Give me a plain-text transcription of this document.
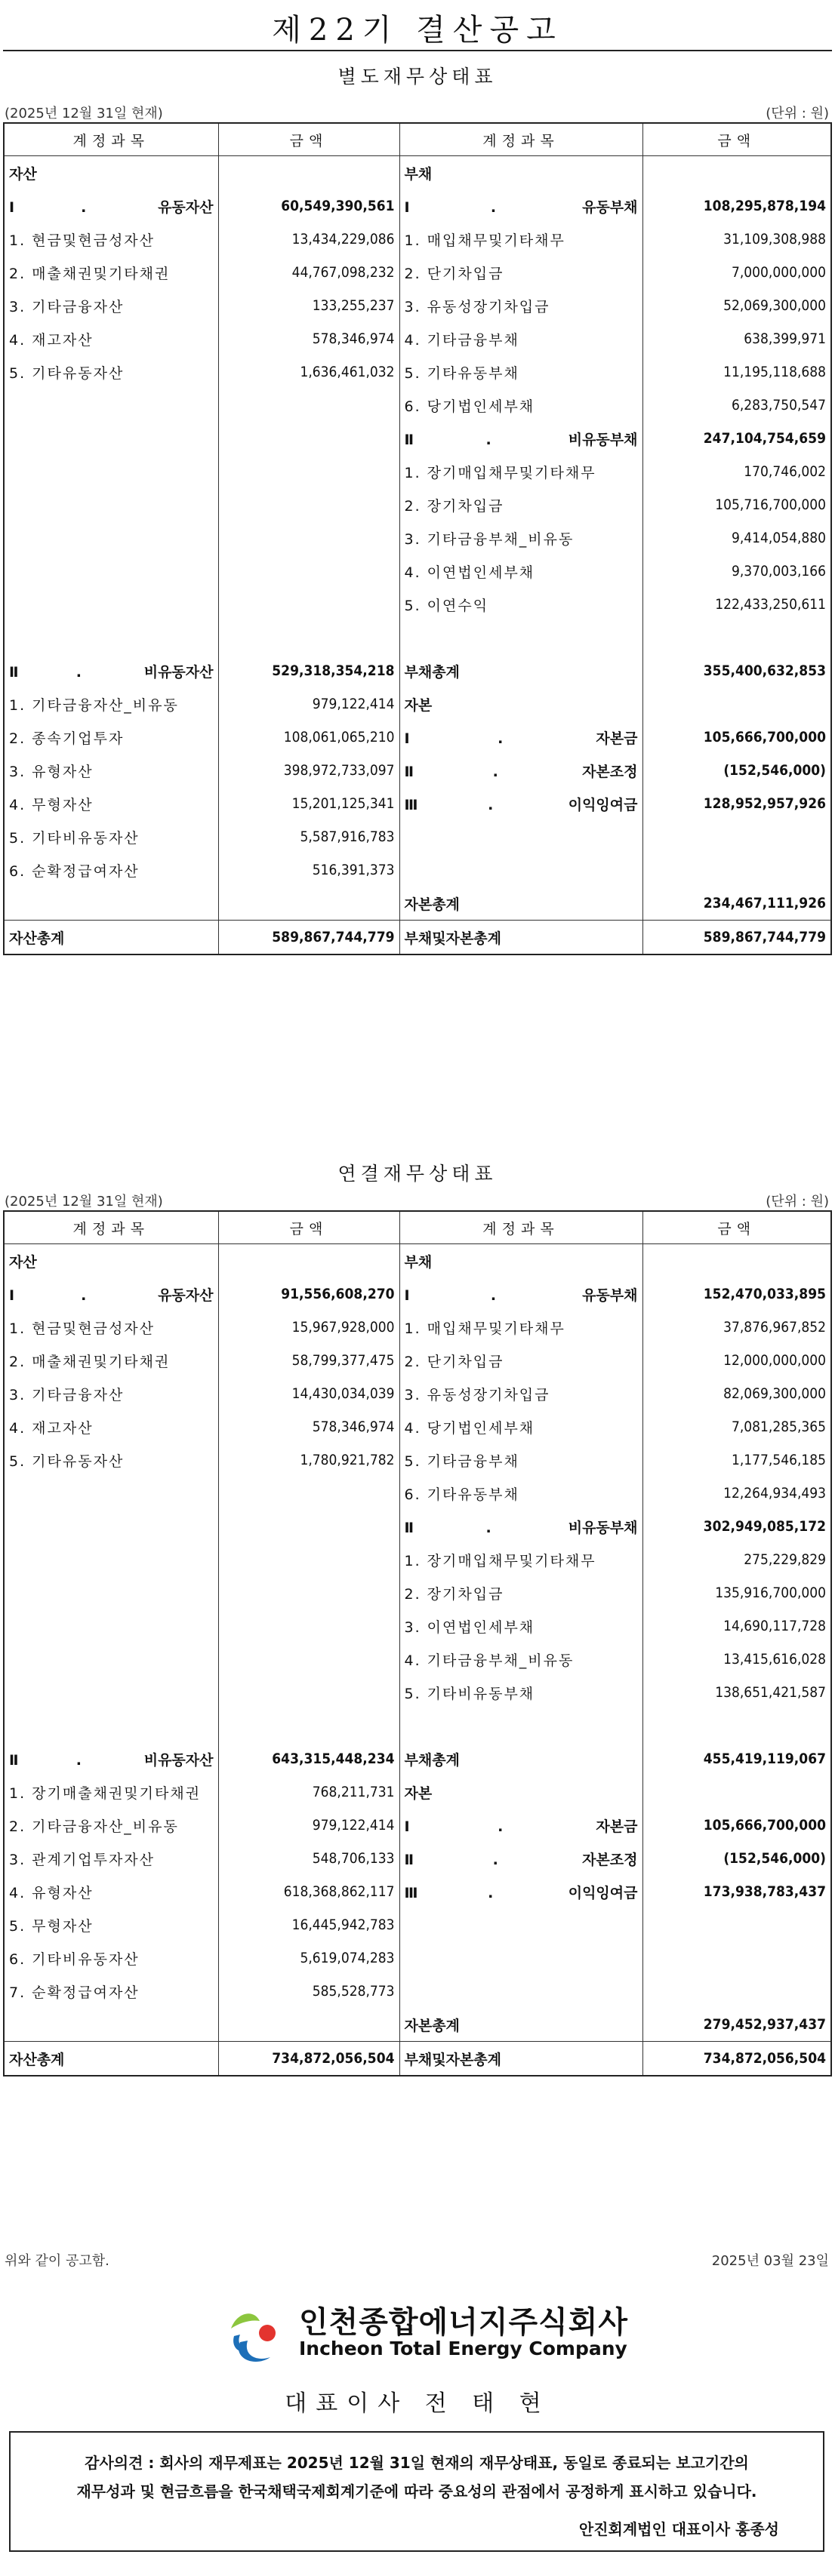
제22기 결산공고
별도재무상태표
(2025년 12월 31일 현재)	(단위 : 원)
계정과목	금액	계정과목	금액
자산		부채	
Ⅰ. 유동자산	60,549,390,561	Ⅰ. 유동부채	108,295,878,194
1. 현금및현금성자산	13,434,229,086	1. 매입채무및기타채무	31,109,308,988
2. 매출채권및기타채권	44,767,098,232	2. 단기차입금	7,000,000,000
3. 기타금융자산	133,255,237	3. 유동성장기차입금	52,069,300,000
4. 재고자산	578,346,974	4. 기타금융부채	638,399,971
5. 기타유동자산	1,636,461,032	5. 기타유동부채	11,195,118,688
		6. 당기법인세부채	6,283,750,547
		Ⅱ. 비유동부채	247,104,754,659
		1. 장기매입채무및기타채무	170,746,002
		2. 장기차입금	105,716,700,000
		3. 기타금융부채_비유동	9,414,054,880
		4. 이연법인세부채	9,370,003,166
		5. 이연수익	122,433,250,611

Ⅱ. 비유동자산	529,318,354,218	부채총계	355,400,632,853
1. 기타금융자산_비유동	979,122,414	자본	
2. 종속기업투자	108,061,065,210	Ⅰ. 자본금	105,666,700,000
3. 유형자산	398,972,733,097	Ⅱ. 자본조정	(152,546,000)
4. 무형자산	15,201,125,341	Ⅲ. 이익잉여금	128,952,957,926
5. 기타비유동자산	5,587,916,783		
6. 순확정급여자산	516,391,373		
		자본총계	234,467,111,926
자산총계	589,867,744,779	부채및자본총계	589,867,744,779
연결재무상태표
(2025년 12월 31일 현재)	(단위 : 원)
계정과목	금액	계정과목	금액
자산		부채	
Ⅰ. 유동자산	91,556,608,270	Ⅰ. 유동부채	152,470,033,895
1. 현금및현금성자산	15,967,928,000	1. 매입채무및기타채무	37,876,967,852
2. 매출채권및기타채권	58,799,377,475	2. 단기차입금	12,000,000,000
3. 기타금융자산	14,430,034,039	3. 유동성장기차입금	82,069,300,000
4. 재고자산	578,346,974	4. 당기법인세부채	7,081,285,365
5. 기타유동자산	1,780,921,782	5. 기타금융부채	1,177,546,185
		6. 기타유동부채	12,264,934,493
		Ⅱ. 비유동부채	302,949,085,172
		1. 장기매입채무및기타채무	275,229,829
		2. 장기차입금	135,916,700,000
		3. 이연법인세부채	14,690,117,728
		4. 기타금융부채_비유동	13,415,616,028
		5. 기타비유동부채	138,651,421,587

Ⅱ. 비유동자산	643,315,448,234	부채총계	455,419,119,067
1. 장기매출채권및기타채권	768,211,731	자본	
2. 기타금융자산_비유동	979,122,414	Ⅰ. 자본금	105,666,700,000
3. 관계기업투자자산	548,706,133	Ⅱ. 자본조정	(152,546,000)
4. 유형자산	618,368,862,117	Ⅲ. 이익잉여금	173,938,783,437
5. 무형자산	16,445,942,783		
6. 기타비유동자산	5,619,074,283		
7. 순확정급여자산	585,528,773		
		자본총계	279,452,937,437
자산총계	734,872,056,504	부채및자본총계	734,872,056,504
위와 같이 공고함.	2025년 03월 23일
인천종합에너지주식회사
Incheon Total Energy Company
대표이사 전 태 현

감사의견 : 회사의 재무제표는 2025년 12월 31일 현재의 재무상태표, 동일로 종료되는 보고기간의

재무성과 및 현금흐름을 한국채택국제회계기준에 따라 중요성의 관점에서 공정하게 표시하고 있습니다.

안진회계법인 대표이사 홍종성
